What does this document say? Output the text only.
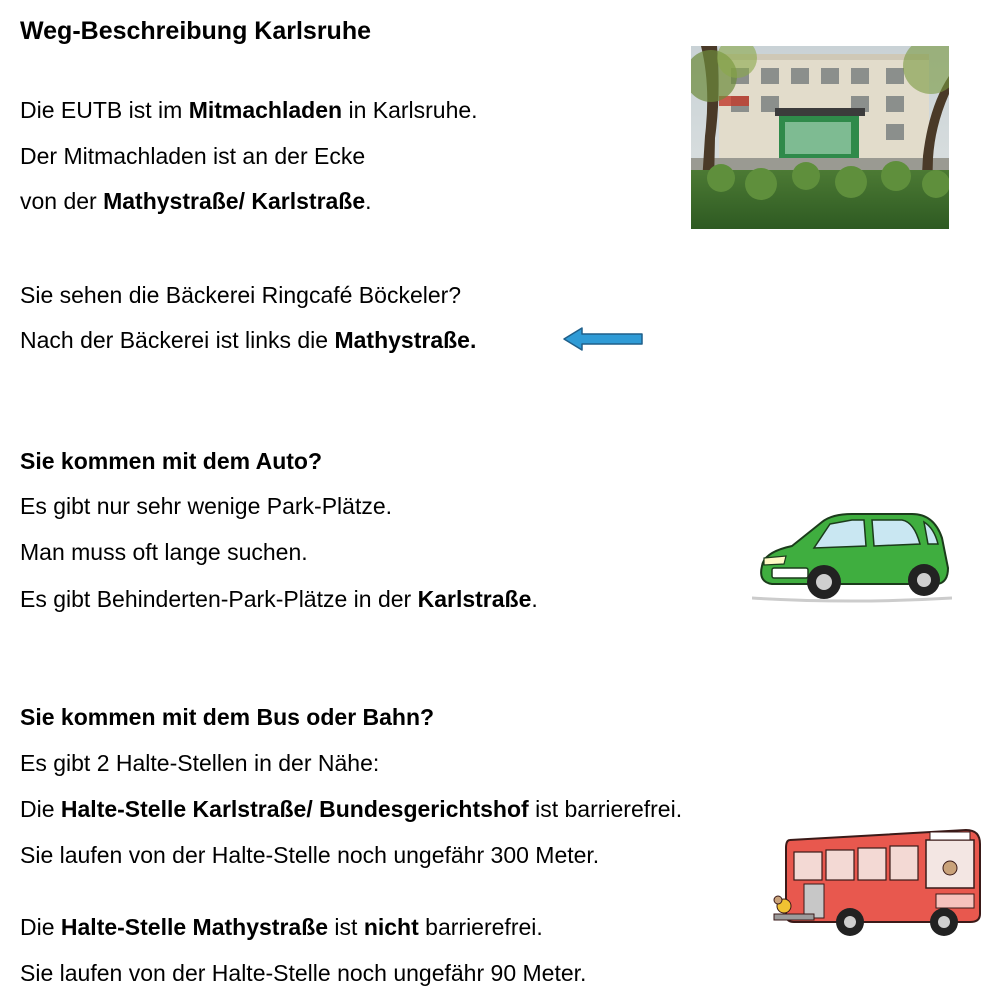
Weg-Beschreibung Karlsruhe
Die EUTB ist im Mitmachladen in Karlsruhe.
Der Mitmachladen ist an der Ecke
von der Mathystraße/ Karlstraße.
Sie sehen die Bäckerei Ringcafé Böckeler?
Nach der Bäckerei ist links die Mathystraße.
Sie kommen mit dem Auto?
Es gibt nur sehr wenige Park-Plätze.
Man muss oft lange suchen.
Es gibt Behinderten-Park-Plätze in der Karlstraße.
Sie kommen mit dem Bus oder Bahn?
Es gibt 2 Halte-Stellen in der Nähe:
Die Halte-Stelle Karlstraße/ Bundesgerichtshof ist barrierefrei.
Sie laufen von der Halte-Stelle noch ungefähr 300 Meter.
Die Halte-Stelle Mathystraße ist nicht barrierefrei.
Sie laufen von der Halte-Stelle noch ungefähr 90 Meter.
